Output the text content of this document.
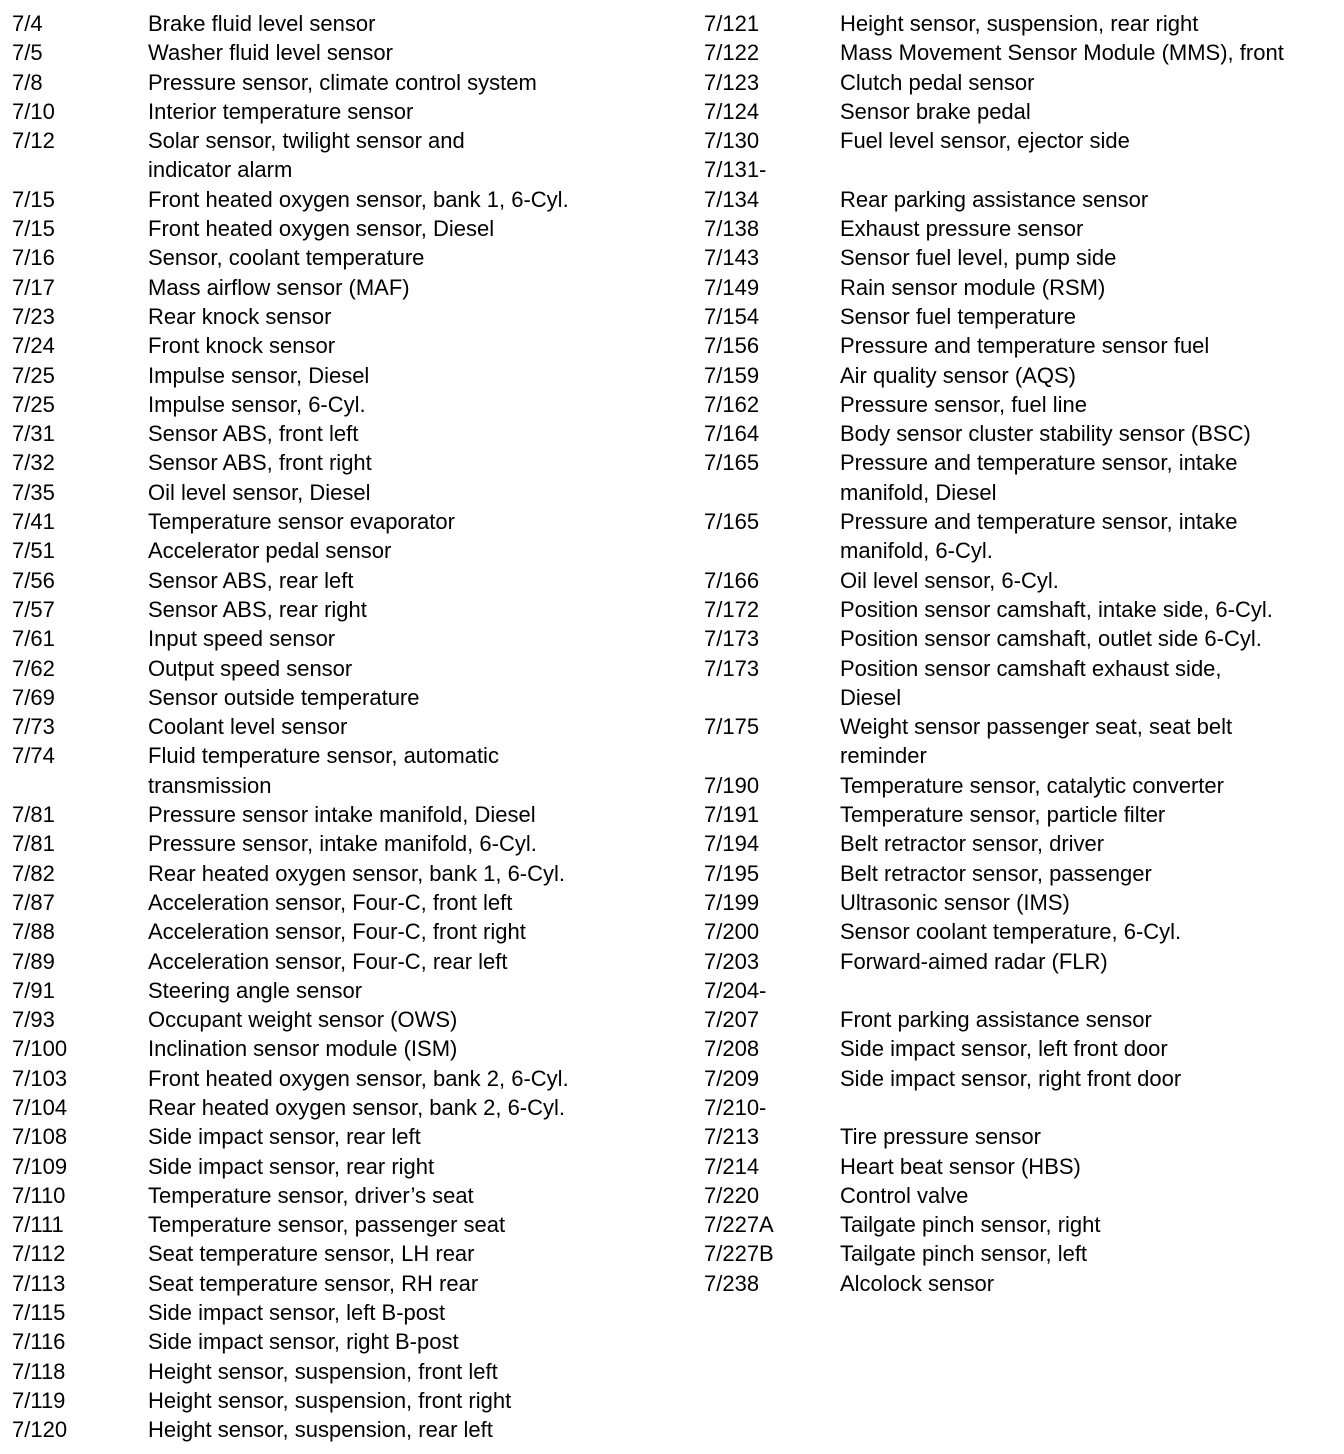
7/4	Brake fluid level sensor
7/5	Washer fluid level sensor
7/8	Pressure sensor, climate control system
7/10	Interior temperature sensor
7/12	Solar sensor, twilight sensor and
indicator alarm
7/15	Front heated oxygen sensor, bank 1, 6-Cyl.
7/15	Front heated oxygen sensor, Diesel
7/16	Sensor, coolant temperature
7/17	Mass airflow sensor (MAF)
7/23	Rear knock sensor
7/24	Front knock sensor
7/25	Impulse sensor, Diesel
7/25	Impulse sensor, 6-Cyl.
7/31	Sensor ABS, front left
7/32	Sensor ABS, front right
7/35	Oil level sensor, Diesel
7/41	Temperature sensor evaporator
7/51	Accelerator pedal sensor
7/56	Sensor ABS, rear left
7/57	Sensor ABS, rear right
7/61	Input speed sensor
7/62	Output speed sensor
7/69	Sensor outside temperature
7/73	Coolant level sensor
7/74	Fluid temperature sensor, automatic
transmission
7/81	Pressure sensor intake manifold, Diesel
7/81	Pressure sensor, intake manifold, 6-Cyl.
7/82	Rear heated oxygen sensor, bank 1, 6-Cyl.
7/87	Acceleration sensor, Four-C, front left
7/88	Acceleration sensor, Four-C, front right
7/89	Acceleration sensor, Four-C, rear left
7/91	Steering angle sensor
7/93	Occupant weight sensor (OWS)
7/100	Inclination sensor module (ISM)
7/103	Front heated oxygen sensor, bank 2, 6-Cyl.
7/104	Rear heated oxygen sensor, bank 2, 6-Cyl.
7/108	Side impact sensor, rear left
7/109	Side impact sensor, rear right
7/110	Temperature sensor, driver’s seat
7/111	Temperature sensor, passenger seat
7/112	Seat temperature sensor, LH rear
7/113	Seat temperature sensor, RH rear
7/115	Side impact sensor, left B-post
7/116	Side impact sensor, right B-post
7/118	Height sensor, suspension, front left
7/119	Height sensor, suspension, front right
7/120	Height sensor, suspension, rear left
7/121	Height sensor, suspension, rear right
7/122	Mass Movement Sensor Module (MMS), front
7/123	Clutch pedal sensor
7/124	Sensor brake pedal
7/130	Fuel level sensor, ejector side
7/131-
7/134	Rear parking assistance sensor
7/138	Exhaust pressure sensor
7/143	Sensor fuel level, pump side
7/149	Rain sensor module (RSM)
7/154	Sensor fuel temperature
7/156	Pressure and temperature sensor fuel
7/159	Air quality sensor (AQS)
7/162	Pressure sensor, fuel line
7/164	Body sensor cluster stability sensor (BSC)
7/165	Pressure and temperature sensor, intake
manifold, Diesel
7/165	Pressure and temperature sensor, intake
manifold, 6-Cyl.
7/166	Oil level sensor, 6-Cyl.
7/172	Position sensor camshaft, intake side, 6-Cyl.
7/173	Position sensor camshaft, outlet side 6-Cyl.
7/173	Position sensor camshaft exhaust side,
Diesel
7/175	Weight sensor passenger seat, seat belt
reminder
7/190	Temperature sensor, catalytic converter
7/191	Temperature sensor, particle filter
7/194	Belt retractor sensor, driver
7/195	Belt retractor sensor, passenger
7/199	Ultrasonic sensor (IMS)
7/200	Sensor coolant temperature, 6-Cyl.
7/203	Forward-aimed radar (FLR)
7/204-
7/207	Front parking assistance sensor
7/208	Side impact sensor, left front door
7/209	Side impact sensor, right front door
7/210-
7/213	Tire pressure sensor
7/214	Heart beat sensor (HBS)
7/220	Control valve
7/227A	Tailgate pinch sensor, right
7/227B	Tailgate pinch sensor, left
7/238	Alcolock sensor
